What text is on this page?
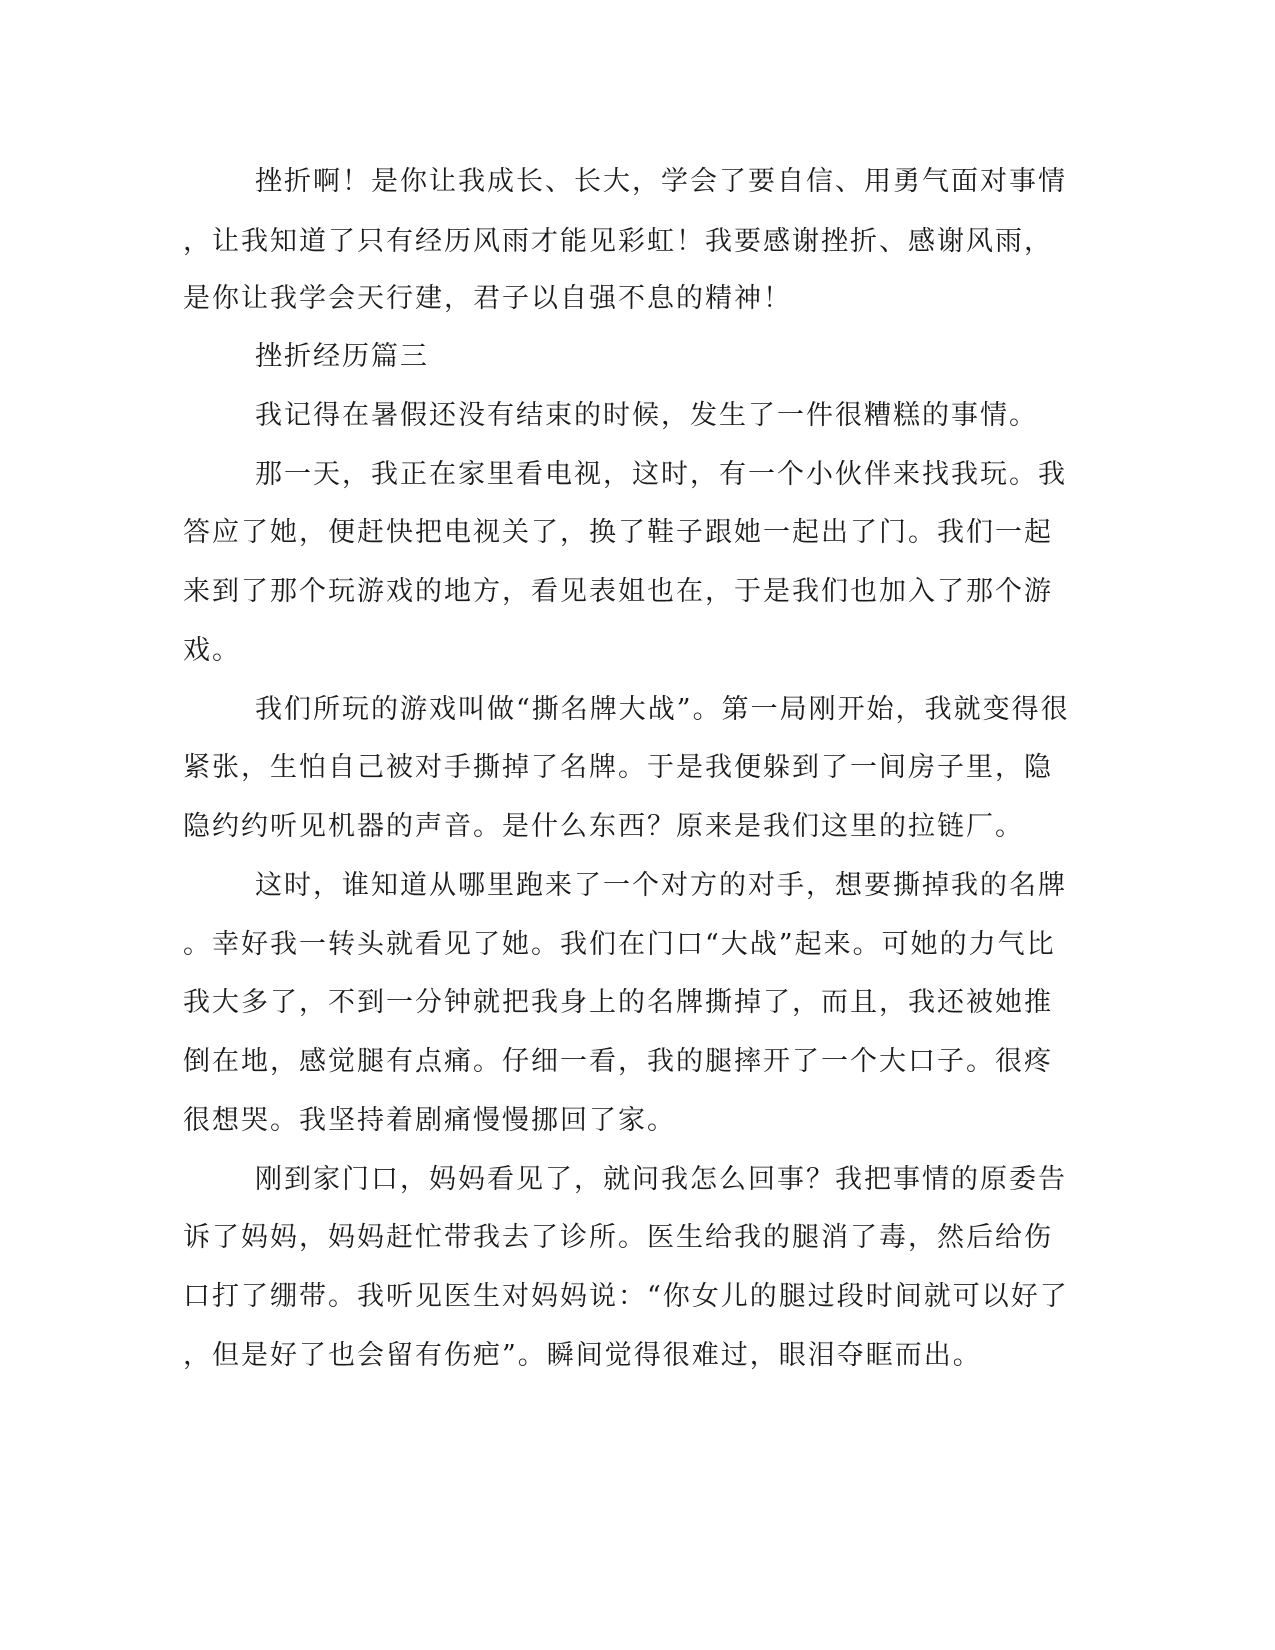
挫折啊！是你让我成长、长大，学会了要自信、用勇气面对事情
，让我知道了只有经历风雨才能见彩虹！我要感谢挫折、感谢风雨，
是你让我学会天行建，君子以自强不息的精神！
挫折经历篇三
我记得在暑假还没有结束的时候，发生了一件很糟糕的事情。
那一天，我正在家里看电视，这时，有一个小伙伴来找我玩。我
答应了她，便赶快把电视关了，换了鞋子跟她一起出了门。我们一起
来到了那个玩游戏的地方，看见表姐也在，于是我们也加入了那个游
戏。
我们所玩的游戏叫做“撕名牌大战”。第一局刚开始，我就变得很
紧张，生怕自己被对手撕掉了名牌。于是我便躲到了一间房子里，隐
隐约约听见机器的声音。是什么东西？原来是我们这里的拉链厂。
这时，谁知道从哪里跑来了一个对方的对手，想要撕掉我的名牌
。幸好我一转头就看见了她。我们在门口“大战”起来。可她的力气比
我大多了，不到一分钟就把我身上的名牌撕掉了，而且，我还被她推
倒在地，感觉腿有点痛。仔细一看，我的腿摔开了一个大口子。很疼
很想哭。我坚持着剧痛慢慢挪回了家。
刚到家门口，妈妈看见了，就问我怎么回事？我把事情的原委告
诉了妈妈，妈妈赶忙带我去了诊所。医生给我的腿消了毒，然后给伤
口打了绷带。我听见医生对妈妈说：“你女儿的腿过段时间就可以好了
，但是好了也会留有伤疤”。瞬间觉得很难过，眼泪夺眶而出。
